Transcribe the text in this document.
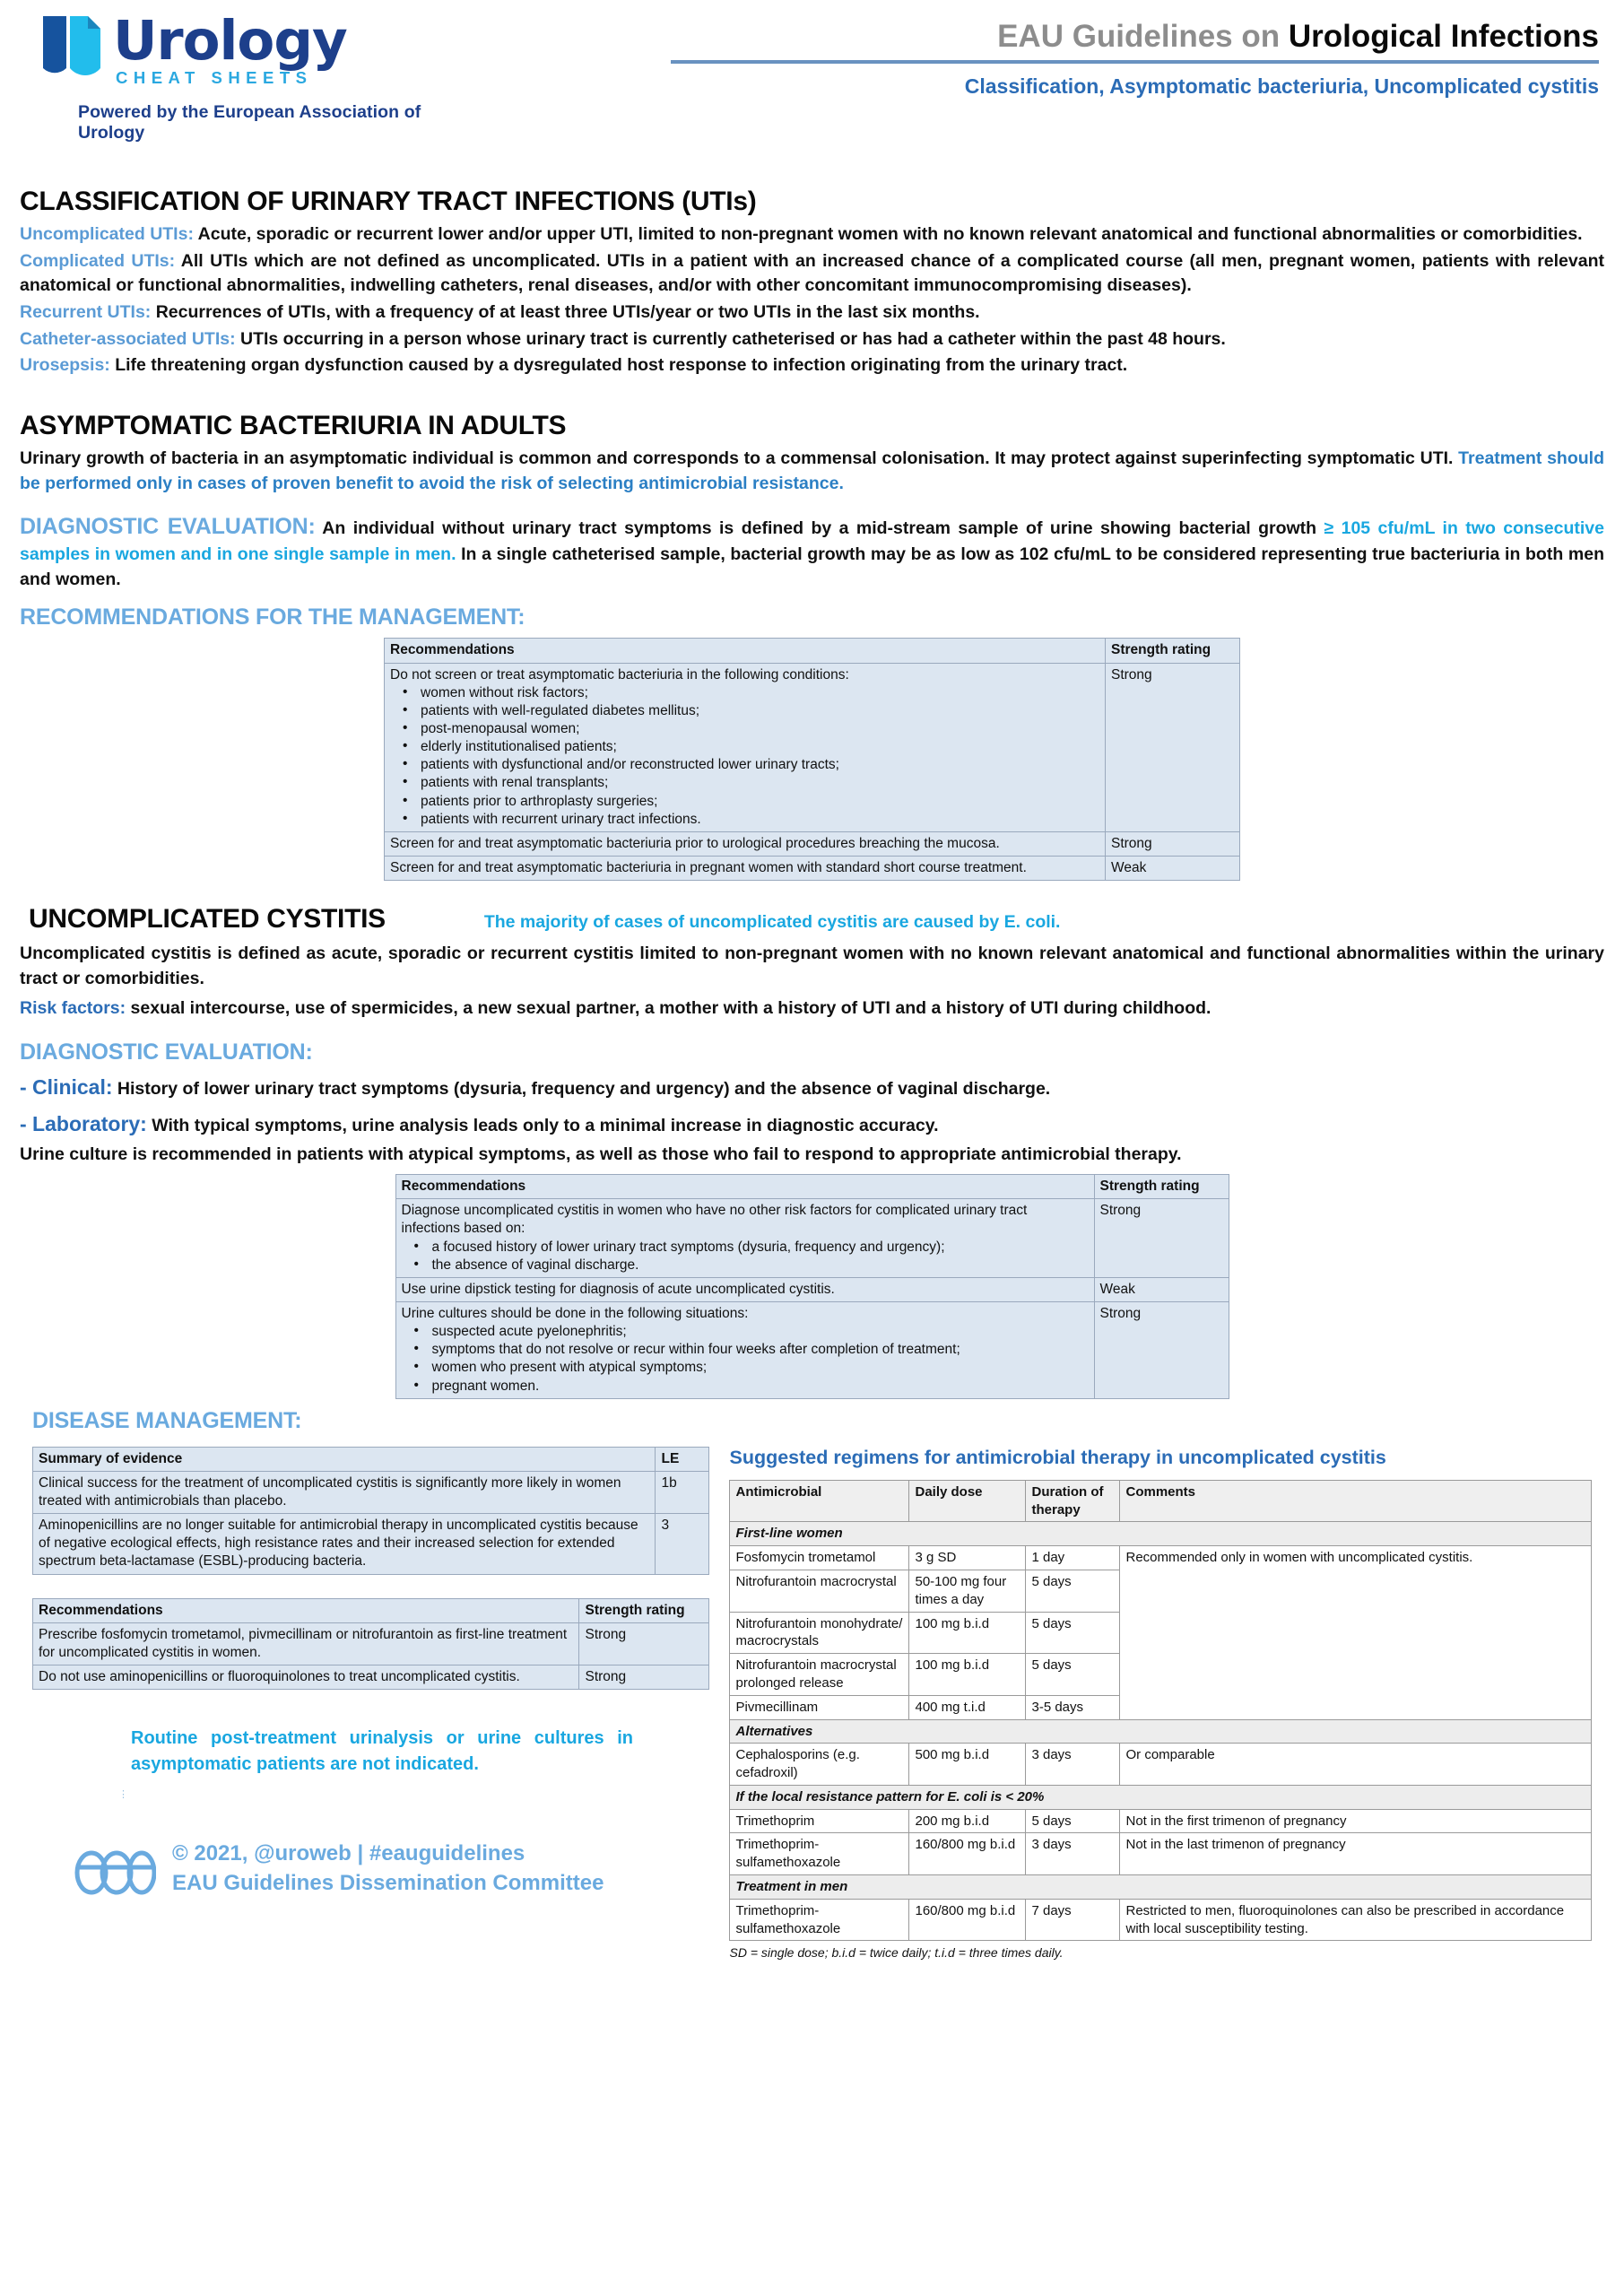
Urology
CHEAT SHEETS
Powered by the European Association of Urology
EAU Guidelines on Urological Infections
Classification, Asymptomatic bacteriuria, Uncomplicated cystitis
CLASSIFICATION OF URINARY TRACT INFECTIONS (UTIs)
Uncomplicated UTIs: Acute, sporadic or recurrent lower and/or upper UTI, limited to non-pregnant women with no known relevant anatomical and functional abnormalities or comorbidities.
Complicated UTIs: All UTIs which are not defined as uncomplicated. UTIs in a patient with an increased chance of a complicated course (all men, pregnant women, patients with relevant anatomical or functional abnormalities, indwelling catheters, renal diseases, and/or with other concomitant immunocompromising diseases).
Recurrent UTIs: Recurrences of UTIs, with a frequency of at least three UTIs/year or two UTIs in the last six months.
Catheter-associated UTIs: UTIs occurring in a person whose urinary tract is currently catheterised or has had a catheter within the past 48 hours.
Urosepsis: Life threatening organ dysfunction caused by a dysregulated host response to infection originating from the urinary tract.
ASYMPTOMATIC BACTERIURIA IN ADULTS
Urinary growth of bacteria in an asymptomatic individual is common and corresponds to a commensal colonisation. It may protect against superinfecting symptomatic UTI. Treatment should be performed only in cases of proven benefit to avoid the risk of selecting antimicrobial resistance.
DIAGNOSTIC EVALUATION: An individual without urinary tract symptoms is defined by a mid-stream sample of urine showing bacterial growth ≥ 105 cfu/mL in two consecutive samples in women and in one single sample in men. In a single catheterised sample, bacterial growth may be as low as 102 cfu/mL to be considered representing true bacteriuria in both men and women.
RECOMMENDATIONS FOR THE MANAGEMENT:
Recommendations	Strength rating

Do not screen or treat asymptomatic bacteriuria in the following conditions:
• women without risk factors;
• patients with well-regulated diabetes mellitus;
• post-menopausal women;
• elderly institutionalised patients;
• patients with dysfunctional and/or reconstructed lower urinary tracts;
• patients with renal transplants;
• patients prior to arthroplasty surgeries;
• patients with recurrent urinary tract infections.
	Strong
Screen for and treat asymptomatic bacteriuria prior to urological procedures breaching the mucosa.	Strong
Screen for and treat asymptomatic bacteriuria in pregnant women with standard short course treatment.	Weak
UNCOMPLICATED CYSTITIS	The majority of cases of uncomplicated cystitis are caused by E. coli.
Uncomplicated cystitis is defined as acute, sporadic or recurrent cystitis limited to non-pregnant women with no known relevant anatomical and functional abnormalities within the urinary tract or comorbidities.
Risk factors: sexual intercourse, use of spermicides, a new sexual partner, a mother with a history of UTI and a history of UTI during childhood.
DIAGNOSTIC EVALUATION:
- Clinical: History of lower urinary tract symptoms (dysuria, frequency and urgency) and the absence of vaginal discharge.
- Laboratory: With typical symptoms, urine analysis leads only to a minimal increase in diagnostic accuracy.
Urine culture is recommended in patients with atypical symptoms, as well as those who fail to respond to appropriate antimicrobial therapy.
Recommendations	Strength rating

Diagnose uncomplicated cystitis in women who have no other risk factors for complicated urinary tract infections based on:
• a focused history of lower urinary tract symptoms (dysuria, frequency and urgency);
• the absence of vaginal discharge.
	Strong
Use urine dipstick testing for diagnosis of acute uncomplicated cystitis.	Weak

Urine cultures should be done in the following situations:
• suspected acute pyelonephritis;
• symptoms that do not resolve or recur within four weeks after completion of treatment;
• women who present with atypical symptoms;
• pregnant women.
	Strong
DISEASE MANAGEMENT:
Summary of evidence	LE
Clinical success for the treatment of uncomplicated cystitis is significantly more likely in women treated with antimicrobials than placebo.	1b
Aminopenicillins are no longer suitable for antimicrobial therapy in uncomplicated cystitis because of negative ecological effects, high resistance rates and their increased selection for extended spectrum beta-lactamase (ESBL)-producing bacteria.	3
Recommendations	Strength rating
Prescribe fosfomycin trometamol, pivmecillinam or nitrofurantoin as first-line treatment for uncomplicated cystitis in women.	Strong
Do not use aminopenicillins or fluoroquinolones to treat uncomplicated cystitis.	Strong
Routine post-treatment urinalysis or urine cultures in asymptomatic patients are not indicated.
⋮
© 2021, @uroweb | #eauguidelines
EAU Guidelines Dissemination Committee
Suggested regimens for antimicrobial therapy in uncomplicated cystitis
Antimicrobial	Daily dose	Duration of therapy	Comments
First-line women			
Fosfomycin trometamol	3 g SD	1 day	Recommended only in women with uncomplicated cystitis.
Nitrofurantoin macrocrystal	50-100 mg four times a day	5 days	
Nitrofurantoin monohydrate/ macrocrystals	100 mg b.i.d	5 days	
Nitrofurantoin macrocrystal prolonged release	100 mg b.i.d	5 days	
Pivmecillinam	400 mg t.i.d	3-5 days	
Alternatives			
Cephalosporins (e.g. cefadroxil)	500 mg b.i.d	3 days	Or comparable
If the local resistance pattern for E. coli is < 20%			
Trimethoprim	200 mg b.i.d	5 days	Not in the first trimenon of pregnancy
Trimethoprim-sulfamethoxazole	160/800 mg b.i.d	3 days	Not in the last trimenon of pregnancy
Treatment in men			
Trimethoprim-sulfamethoxazole	160/800 mg b.i.d	7 days	Restricted to men, fluoroquinolones can also be prescribed in accordance with local susceptibility testing.
SD = single dose; b.i.d = twice daily; t.i.d = three times daily.
